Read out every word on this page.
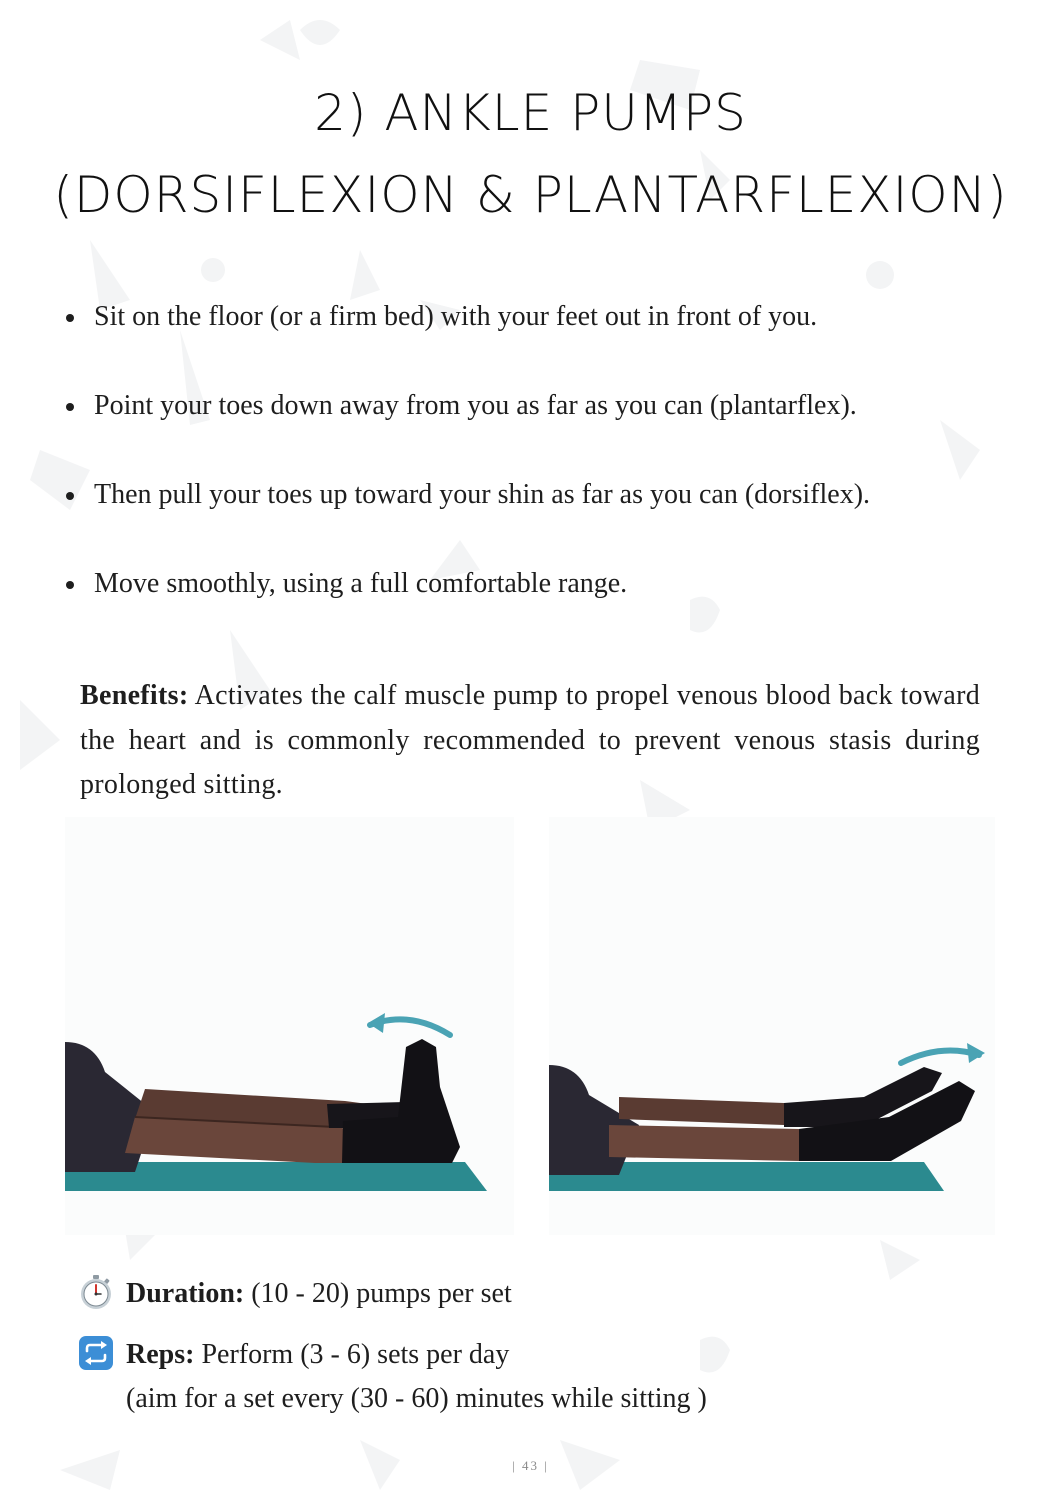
2) ANKLE PUMPS
(DORSIFLEXION & PLANTARFLEXION)
Sit on the floor (or a firm bed) with your feet out in front of you.
Point your toes down away from you as far as you can (plantarflex).
Then pull your toes up toward your shin as far as you can (dorsiflex).
Move smoothly, using a full comfortable range.

Benefits: Activates the calf muscle pump to propel venous blood back toward the heart and is commonly recommended to prevent venous stasis during prolonged sitting.

Duration: (10 - 20) pumps per set
Reps: Perform (3 - 6) sets per day
(aim for a set every (30 - 60) minutes while sitting )
| 43 |
